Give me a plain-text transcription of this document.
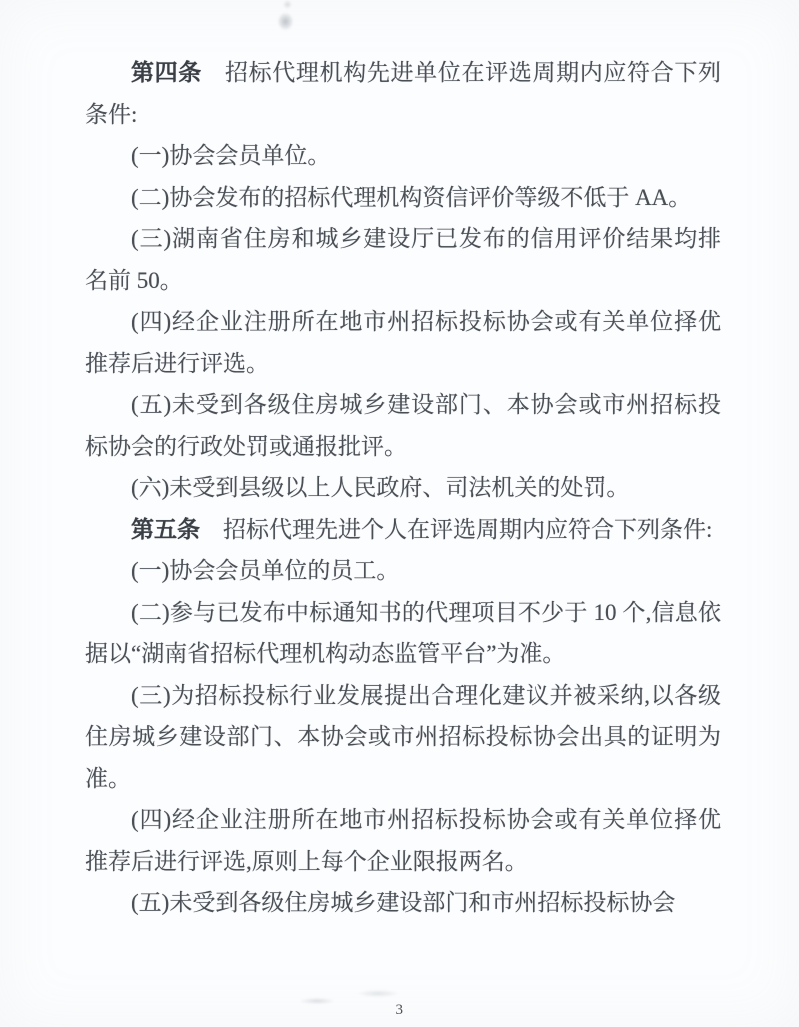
第四条 招标代理机构先进单位在评选周期内应符合下列条件:

(一)协会会员单位。

(二)协会发布的招标代理机构资信评价等级不低于 AA。

(三)湖南省住房和城乡建设厅已发布的信用评价结果均排名前 50。

(四)经企业注册所在地市州招标投标协会或有关单位择优推荐后进行评选。

(五)未受到各级住房城乡建设部门、本协会或市州招标投标协会的行政处罚或通报批评。

(六)未受到县级以上人民政府、司法机关的处罚。

第五条 招标代理先进个人在评选周期内应符合下列条件:

(一)协会会员单位的员工。

(二)参与已发布中标通知书的代理项目不少于 10 个,信息依据以“湖南省招标代理机构动态监管平台”为准。

(三)为招标投标行业发展提出合理化建议并被采纳,以各级住房城乡建设部门、本协会或市州招标投标协会出具的证明为准。

(四)经企业注册所在地市州招标投标协会或有关单位择优推荐后进行评选,原则上每个企业限报两名。

(五)未受到各级住房城乡建设部门和市州招标投标协会

3
